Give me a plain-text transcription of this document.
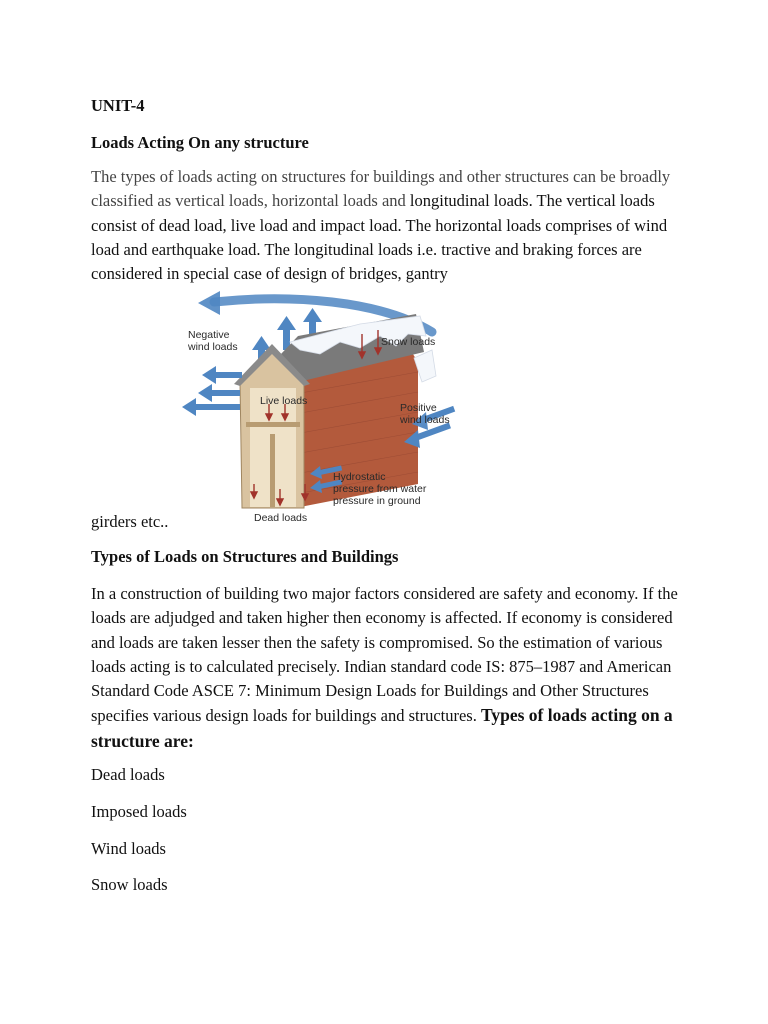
UNIT-4
Loads Acting On any structure
The types of loads acting on structures for buildings and other structures can be broadly classified as vertical loads, horizontal loads and longitudinal loads. The vertical loads consist of dead load, live load and impact load. The horizontal loads comprises of wind load and earthquake load. The longitudinal loads i.e. tractive and braking forces are considered in special case of design of bridges, gantry
Negative
wind loads	Snow loads
Live loads
Positive
wind loads
Hydrostatic
pressure from water
pressure in ground
Dead loads
girders etc..
Types of Loads on Structures and Buildings
In a construction of building two major factors considered are safety and economy. If the loads are adjudged and taken higher then economy is affected. If economy is considered and loads are taken lesser then the safety is compromised. So the estimation of various loads acting is to calculated precisely. Indian standard code IS: 875–1987 and American Standard Code ASCE 7: Minimum Design Loads for Buildings and Other Structures specifies various design loads for buildings and structures. Types of loads acting on a structure are:
Dead loads
Imposed loads
Wind loads
Snow loads
